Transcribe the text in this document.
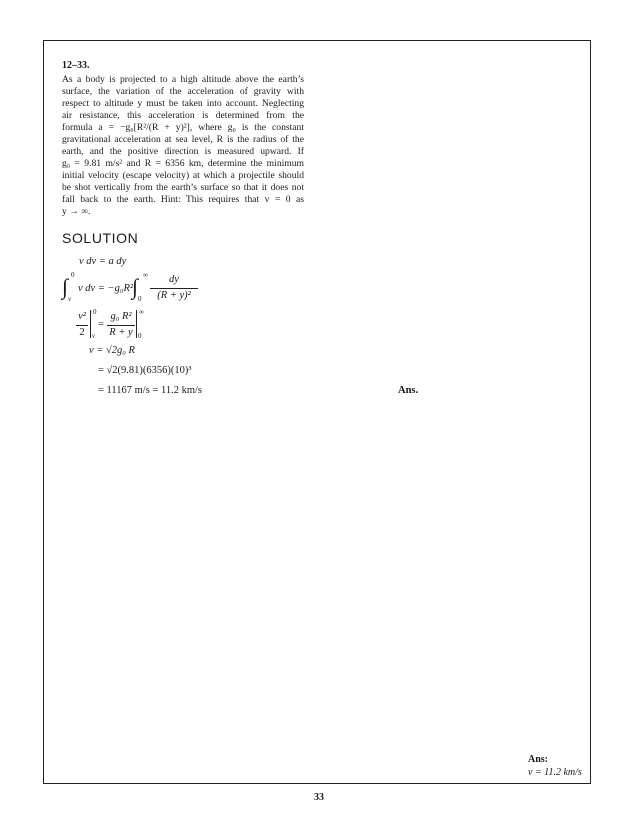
12–33.
As a body is projected to a high altitude above the earth’s
surface, the variation of the acceleration of gravity with
respect to altitude y must be taken into account. Neglecting
air resistance, this acceleration is determined from the
formula a = −g₀[R²/(R + y)²], where g₀ is the constant
gravitational acceleration at sea level, R is the radius of the
earth, and the positive direction is measured upward. If
g₀ = 9.81 m/s² and R = 6356 km, determine the minimum
initial velocity (escape velocity) at which a projectile should
be shot vertically from the earth’s surface so that it does not
fall back to the earth. Hint: This requires that v = 0 as
y → ∞.
SOLUTION
v dv = a dy
∫ 0
v
v dv = −g₀R²
∫ ∞
0
dy
(R + y)²
v²
2
0
v
=
g₀ R²
R + y
∞
0
v = √2g₀ R
= √2(9.81)(6356)(10)³
= 11167 m/s = 11.2 km/s	Ans.
Ans:
v = 11.2 km/s
33
